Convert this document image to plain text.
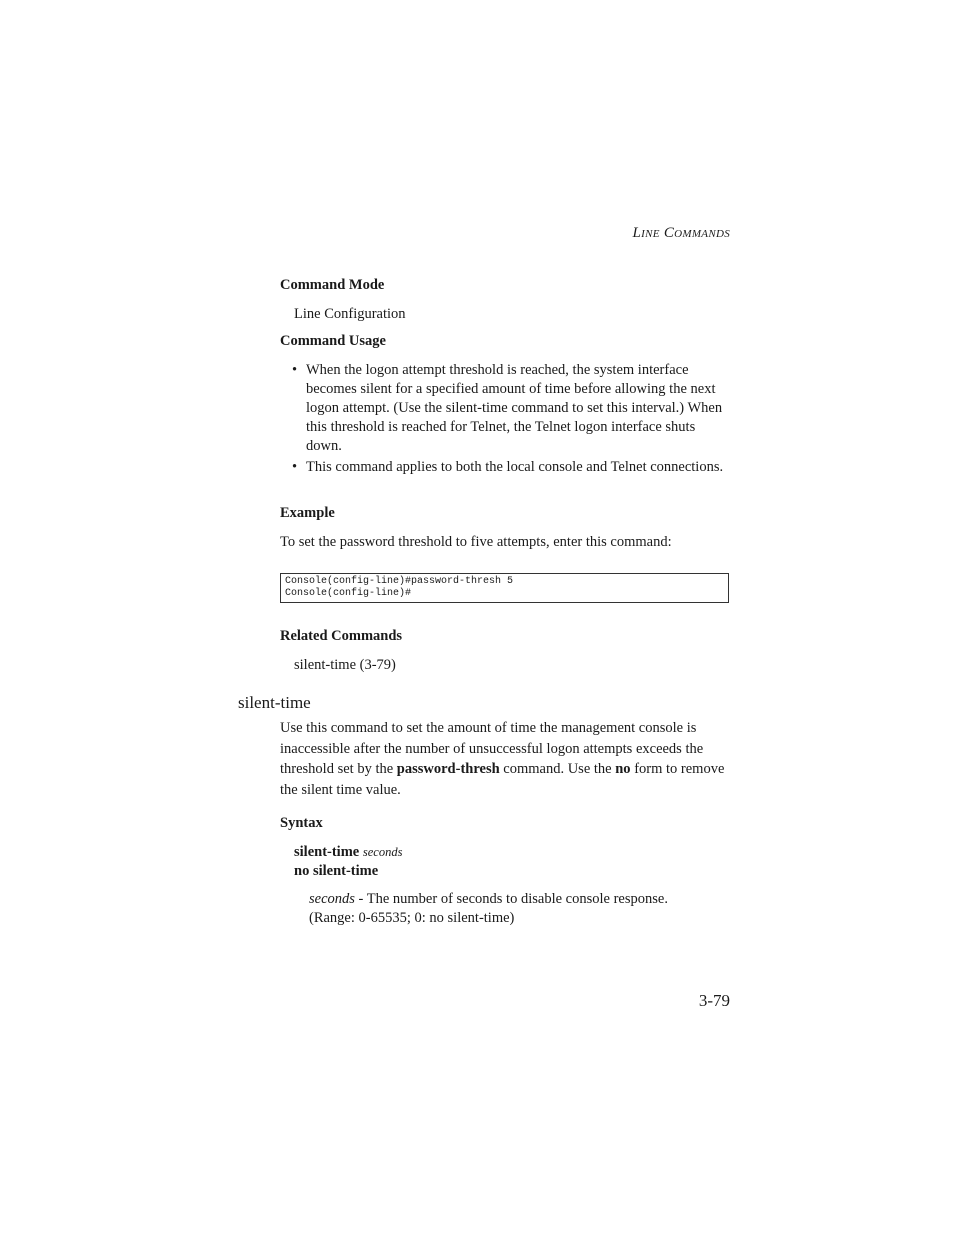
LINE COMMANDS
Command Mode
Line Configuration
Command Usage
• When the logon attempt threshold is reached, the system interface becomes silent for a specified amount of time before allowing the next logon attempt. (Use the silent-time command to set this interval.) When this threshold is reached for Telnet, the Telnet logon interface shuts down.
• This command applies to both the local console and Telnet connections.
Example
To set the password threshold to five attempts, enter this command:
Console(config-line)#password-thresh 5
Console(config-line)#
Related Commands
silent-time (3-79)
silent-time
Use this command to set the amount of time the management console is inaccessible after the number of unsuccessful logon attempts exceeds the threshold set by the password-thresh command. Use the no form to remove the silent time value.
Syntax
silent-time seconds
no silent-time
seconds - The number of seconds to disable console response.
(Range: 0-65535; 0: no silent-time)
3-79
